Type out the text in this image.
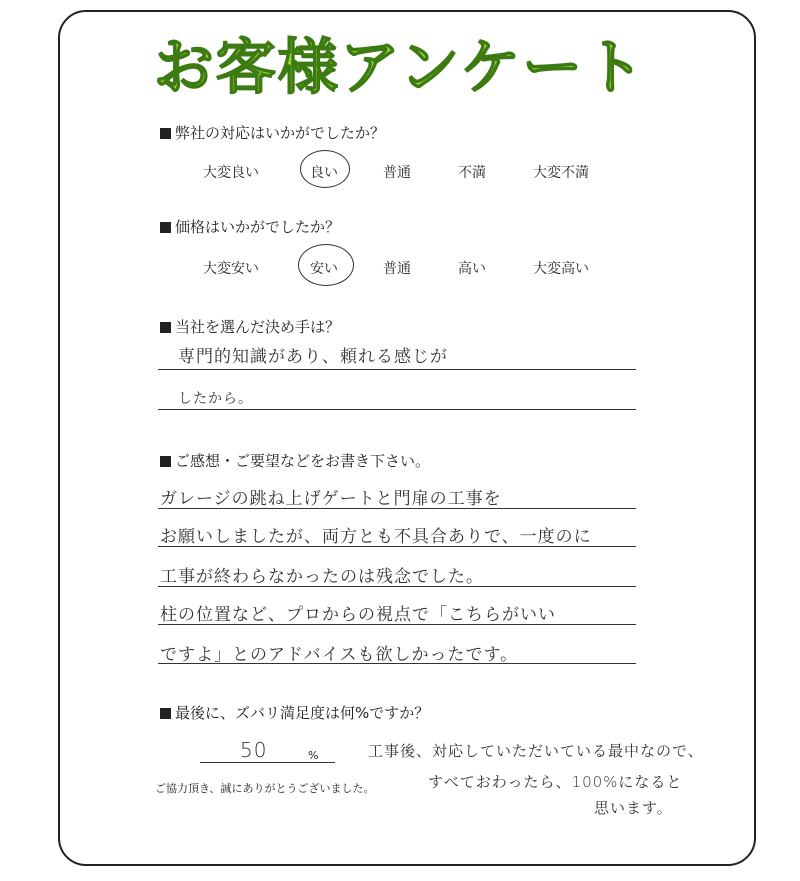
お客様アンケート
弊社の対応はいかがでしたか？
大変良い	良い	普通	不満	大変不満
価格はいかがでしたか？
大変安い	安い	普通	高い	大変高い
当社を選んだ決め手は？
専門的知識があり、頼れる感じが
したから。
ご感想・ご要望などをお書き下さい。
ガレージの跳ね上げゲートと門扉の工事を
お願いしましたが、両方とも不具合ありで、一度のに
工事が終わらなかったのは残念でした。
柱の位置など、プロからの視点で「こちらがいい
ですよ」とのアドバイスも欲しかったです。
最後に、ズバリ満足度は何%ですか？
50	%	工事後、対応していただいている最中なので、
すべておわったら、100%になると
思います。
ご協力頂き、誠にありがとうございました。
